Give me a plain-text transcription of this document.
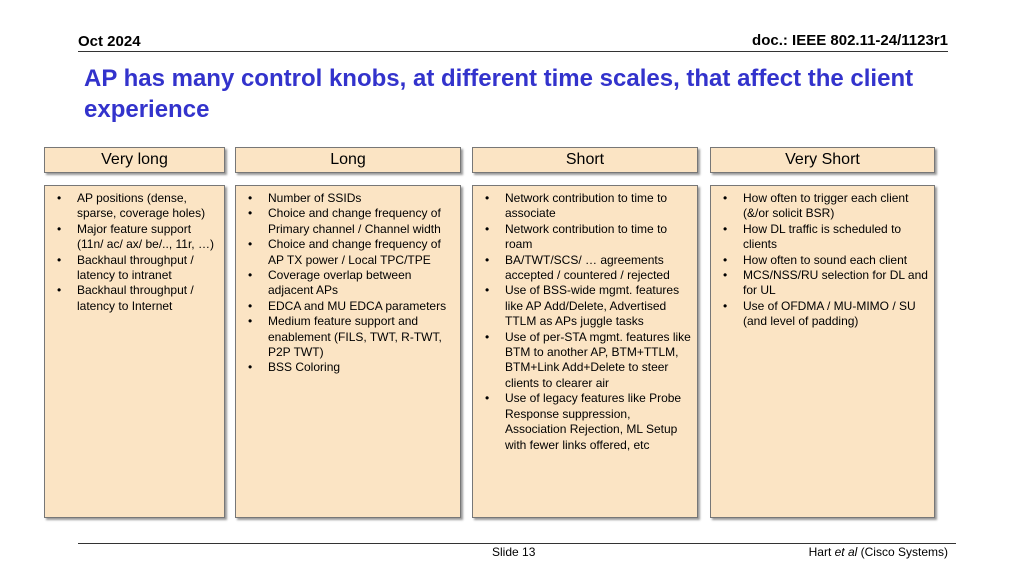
Oct 2024	doc.: IEEE 802.11-24/1123r1
AP has many control knobs, at different time scales, that affect the client experience
Very long	Long	Short	Very Short
• AP positions (dense, sparse, coverage holes)
• Major feature support (11n/ ac/ ax/ be/.., 11r, …)
• Backhaul throughput / latency to intranet
• Backhaul throughput / latency to Internet
• Number of SSIDs
• Choice and change frequency of Primary channel / Channel width
• Choice and change frequency of AP TX power / Local TPC/TPE
• Coverage overlap between adjacent APs
• EDCA and MU EDCA parameters
• Medium feature support and enablement (FILS, TWT, R-TWT, P2P TWT)
• BSS Coloring
• Network contribution to time to associate
• Network contribution to time to roam
• BA/TWT/SCS/ … agreements accepted / countered / rejected
• Use of BSS-wide mgmt. features like AP Add/Delete, Advertised TTLM as APs juggle tasks
• Use of per-STA mgmt. features like BTM to another AP, BTM+TTLM, BTM+Link Add+Delete to steer clients to clearer air
• Use of legacy features like Probe Response suppression, Association Rejection, ML Setup with fewer links offered, etc
• How often to trigger each client (&/or solicit BSR)
• How DL traffic is scheduled to clients
• How often to sound each client
• MCS/NSS/RU selection for DL and for UL
• Use of OFDMA / MU-MIMO / SU (and level of padding)
Slide 13	Hart et al (Cisco Systems)
